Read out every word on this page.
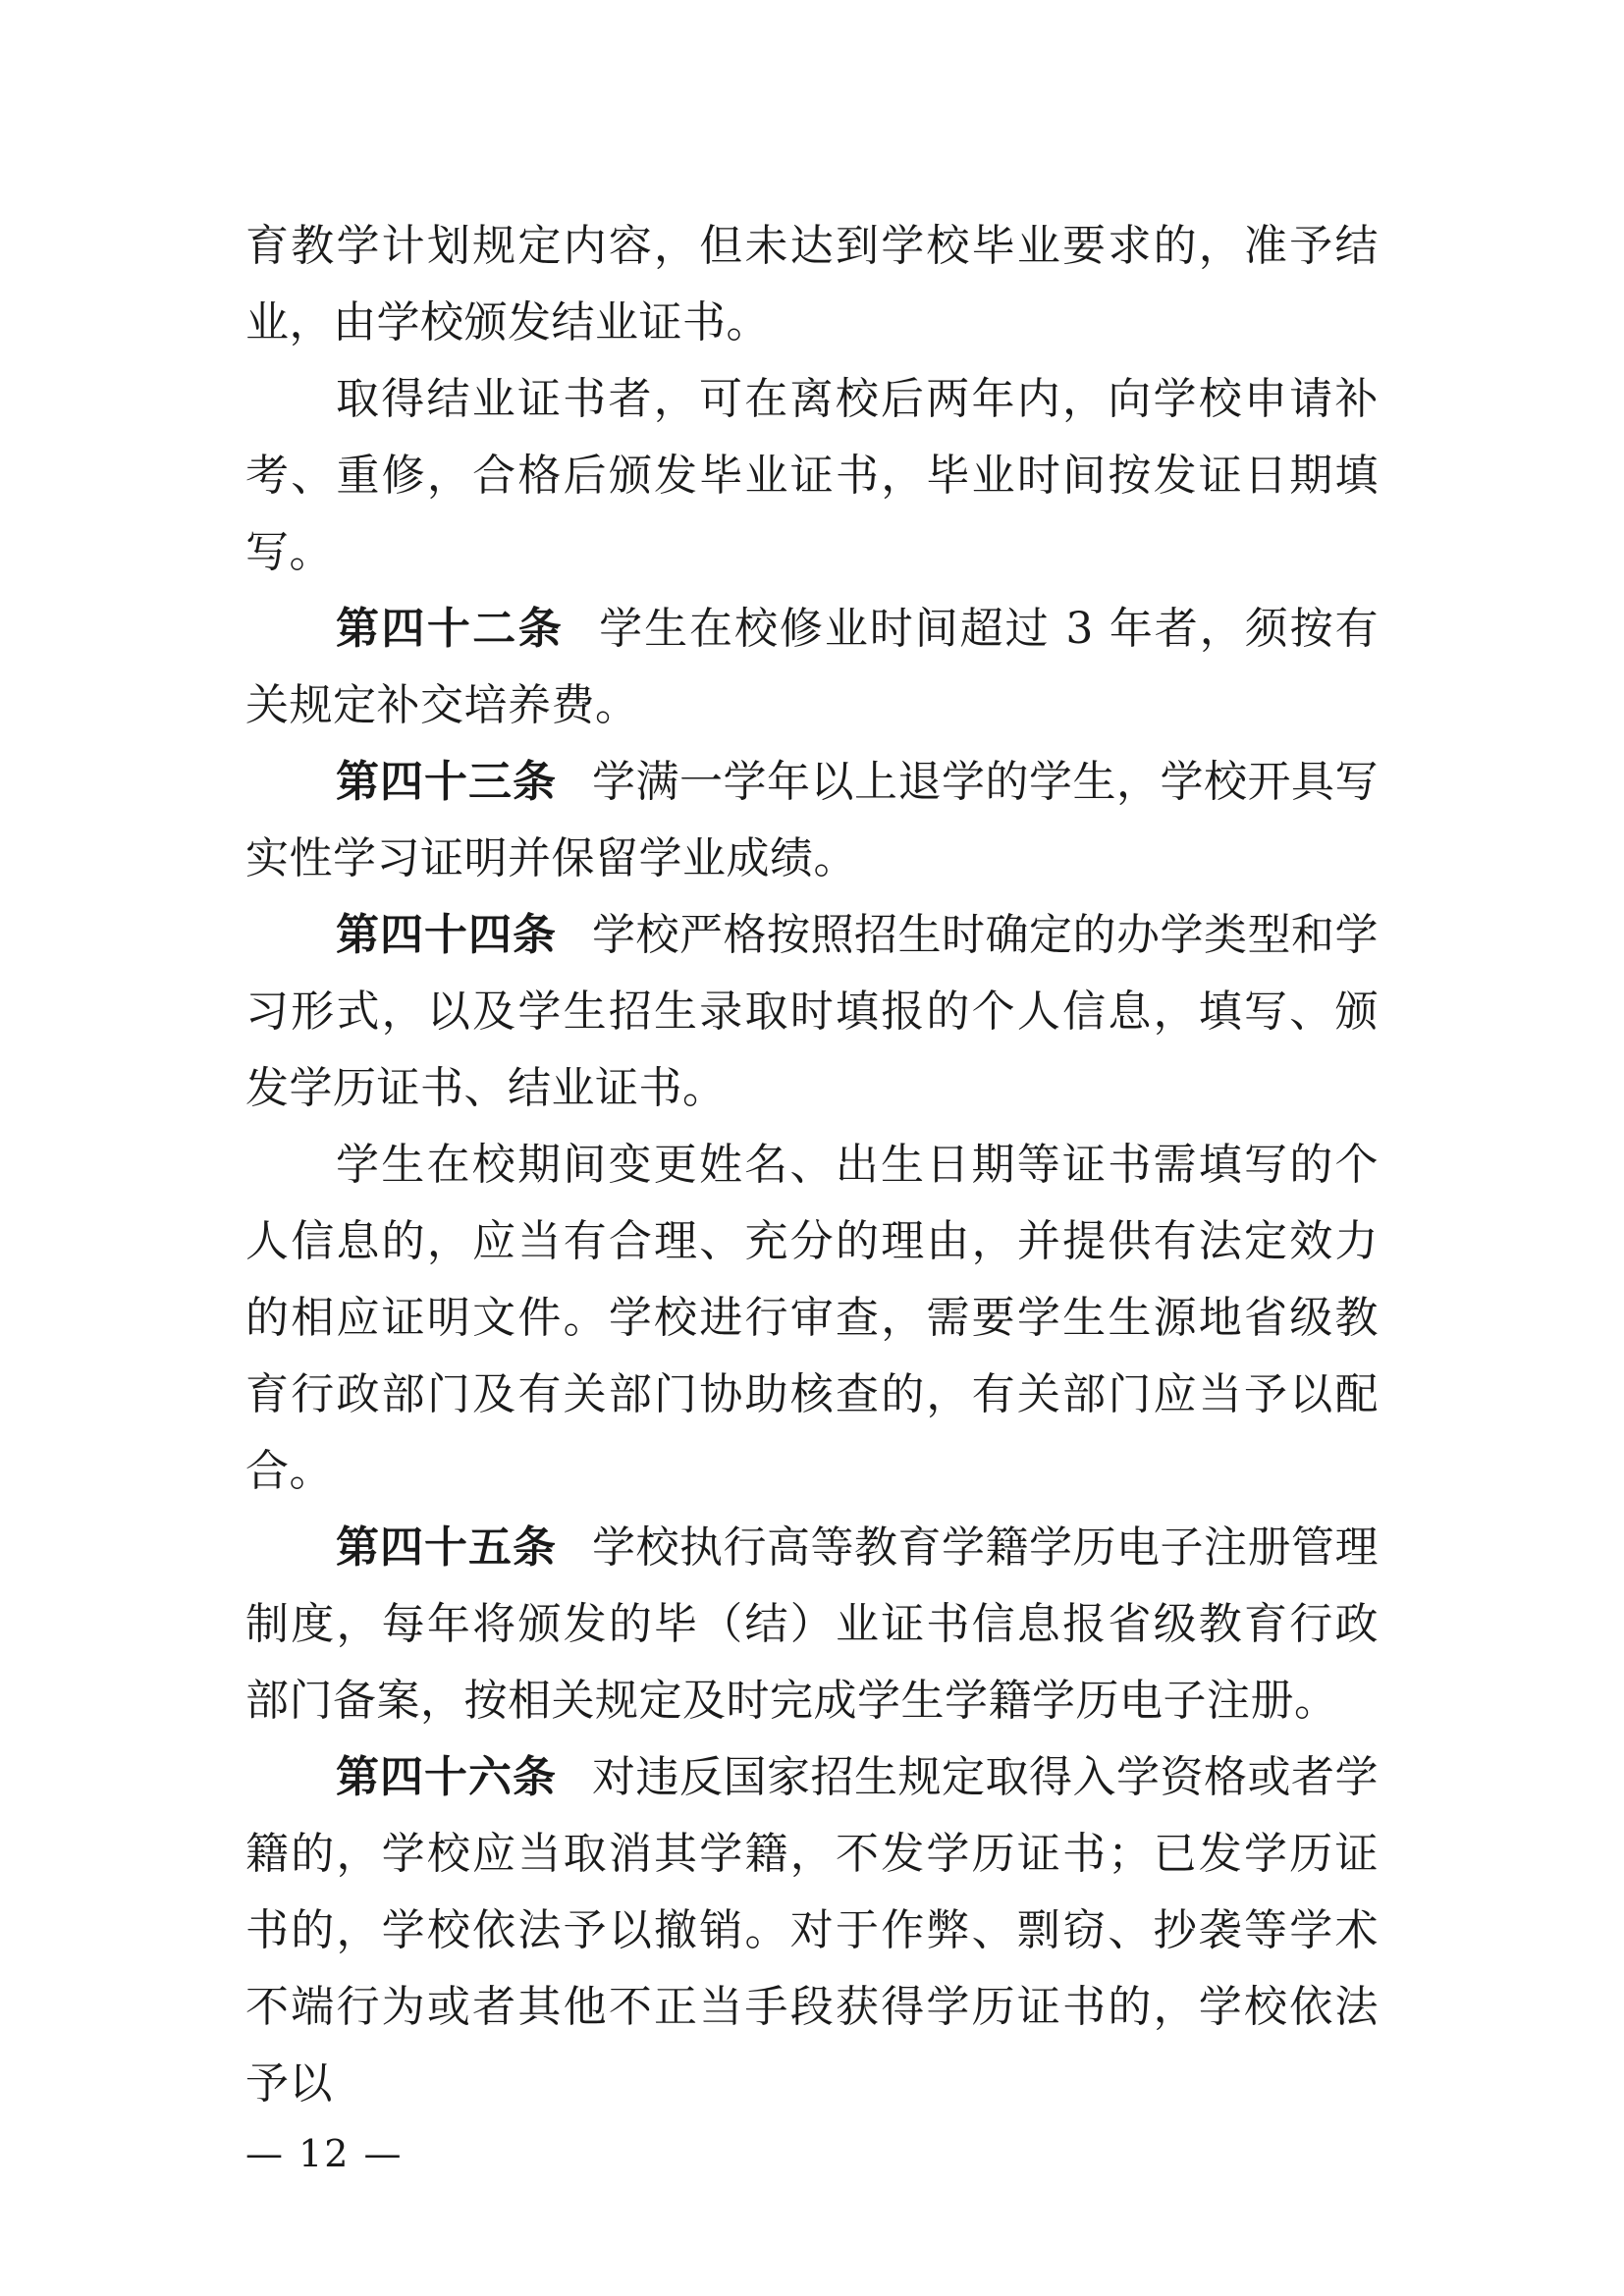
育教学计划规定内容，但未达到学校毕业要求的，准予结业，由学校颁发结业证书。

取得结业证书者，可在离校后两年内，向学校申请补考、重修，合格后颁发毕业证书，毕业时间按发证日期填写。

第四十二条 学生在校修业时间超过 3 年者，须按有关规定补交培养费。

第四十三条 学满一学年以上退学的学生，学校开具写实性学习证明并保留学业成绩。

第四十四条 学校严格按照招生时确定的办学类型和学习形式，以及学生招生录取时填报的个人信息，填写、颁发学历证书、结业证书。

学生在校期间变更姓名、出生日期等证书需填写的个人信息的，应当有合理、充分的理由，并提供有法定效力的相应证明文件。学校进行审查，需要学生生源地省级教育行政部门及有关部门协助核查的，有关部门应当予以配合。

第四十五条 学校执行高等教育学籍学历电子注册管理制度，每年将颁发的毕（结）业证书信息报省级教育行政部门备案，按相关规定及时完成学生学籍学历电子注册。

第四十六条 对违反国家招生规定取得入学资格或者学籍的，学校应当取消其学籍，不发学历证书；已发学历证书的，学校依法予以撤销。对于作弊、剽窃、抄袭等学术不端行为或者其他不正当手段获得学历证书的，学校依法予以

— 12 —
